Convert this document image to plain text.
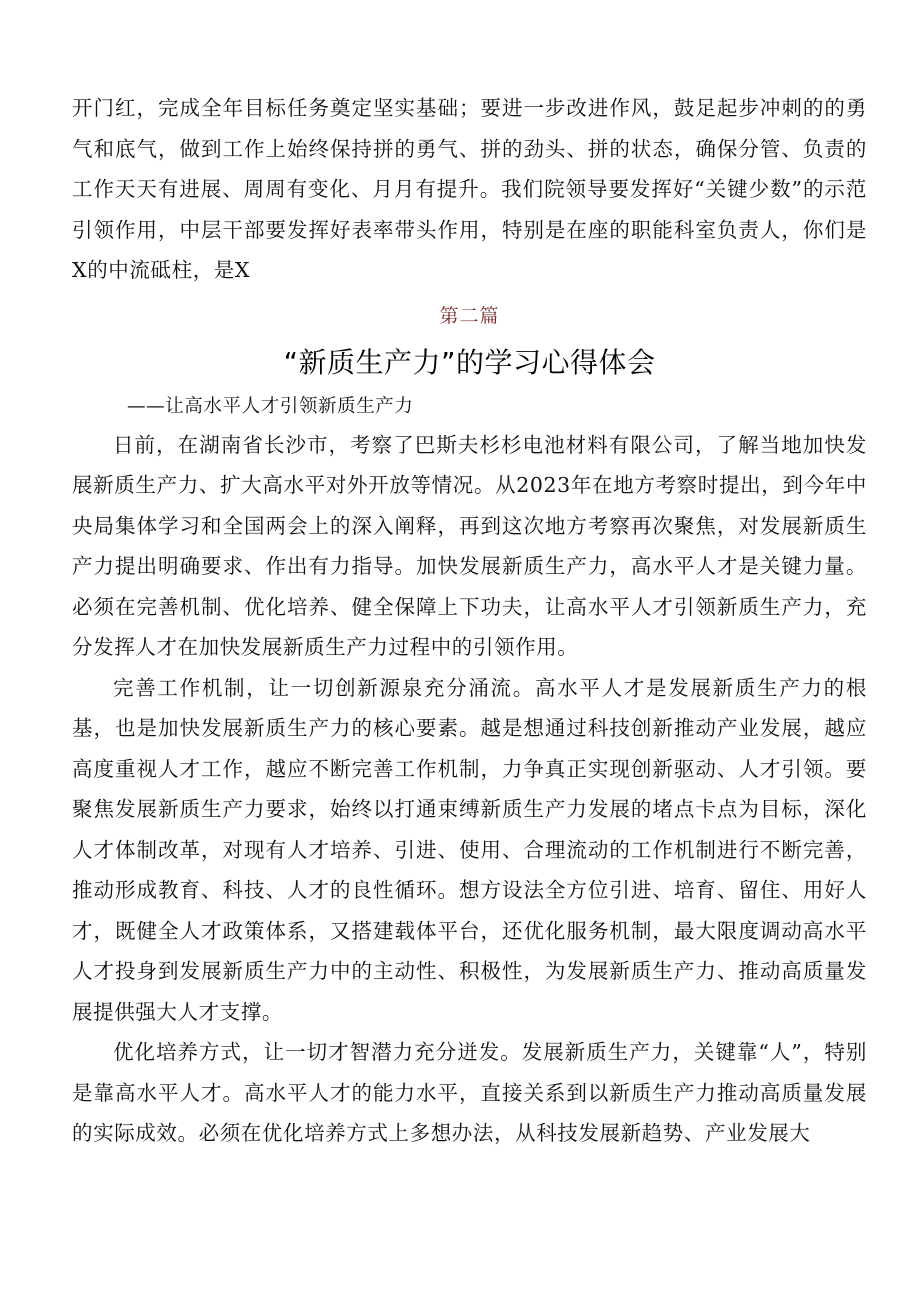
开门红，完成全年目标任务奠定坚实基础；要进一步改进作风，鼓足起步冲刺的的勇气和底气，做到工作上始终保持拼的勇气、拼的劲头、拼的状态，确保分管、负责的工作天天有进展、周周有变化、月月有提升。我们院领导要发挥好“关键少数”的示范引领作用，中层干部要发挥好表率带头作用，特别是在座的职能科室负责人，你们是X的中流砥柱，是X

第二篇
“新质生产力”的学习心得体会
——让高水平人才引领新质生产力

日前，在湖南省长沙市，考察了巴斯夫杉杉电池材料有限公司，了解当地加快发展新质生产力、扩大高水平对外开放等情况。从2023年在地方考察时提出，到今年中央局集体学习和全国两会上的深入阐释，再到这次地方考察再次聚焦，对发展新质生产力提出明确要求、作出有力指导。加快发展新质生产力，高水平人才是关键力量。必须在完善机制、优化培养、健全保障上下功夫，让高水平人才引领新质生产力，充分发挥人才在加快发展新质生产力过程中的引领作用。

完善工作机制，让一切创新源泉充分涌流。高水平人才是发展新质生产力的根基，也是加快发展新质生产力的核心要素。越是想通过科技创新推动产业发展，越应高度重视人才工作，越应不断完善工作机制，力争真正实现创新驱动、人才引领。要聚焦发展新质生产力要求，始终以打通束缚新质生产力发展的堵点卡点为目标，深化人才体制改革，对现有人才培养、引进、使用、合理流动的工作机制进行不断完善，推动形成教育、科技、人才的良性循环。想方设法全方位引进、培育、留住、用好人才，既健全人才政策体系，又搭建载体平台，还优化服务机制，最大限度调动高水平人才投身到发展新质生产力中的主动性、积极性，为发展新质生产力、推动高质量发展提供强大人才支撑。

优化培养方式，让一切才智潜力充分迸发。发展新质生产力，关键靠“人”，特别是靠高水平人才。高水平人才的能力水平，直接关系到以新质生产力推动高质量发展的实际成效。必须在优化培养方式上多想办法，从科技发展新趋势、产业发展大
